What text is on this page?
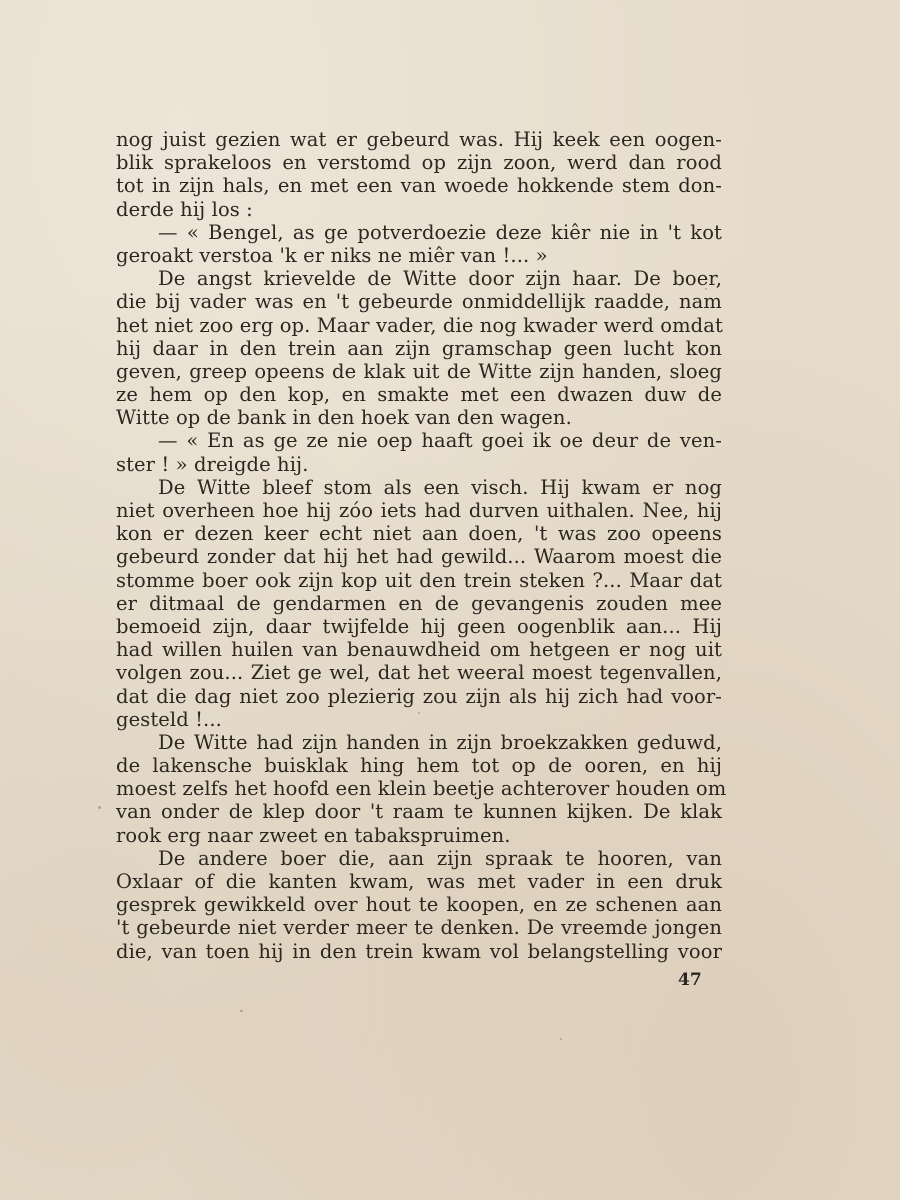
nog juist gezien wat er gebeurd was. Hij keek een oogen-
blik sprakeloos en verstomd op zijn zoon, werd dan rood
tot in zijn hals, en met een van woede hokkende stem don-
derde hij los :
— « Bengel, as ge potverdoezie deze kiêr nie in 't kot
geroakt verstoa 'k er niks ne miêr van !... »
De angst krievelde de Witte door zijn haar. De boer,
die bij vader was en 't gebeurde onmiddellijk raadde, nam
het niet zoo erg op. Maar vader, die nog kwader werd omdat
hij daar in den trein aan zijn gramschap geen lucht kon
geven, greep opeens de klak uit de Witte zijn handen, sloeg
ze hem op den kop, en smakte met een dwazen duw de
Witte op de bank in den hoek van den wagen.
— « En as ge ze nie oep haaft goei ik oe deur de ven-
ster ! » dreigde hij.
De Witte bleef stom als een visch. Hij kwam er nog
niet overheen hoe hij zóo iets had durven uithalen. Nee, hij
kon er dezen keer echt niet aan doen, 't was zoo opeens
gebeurd zonder dat hij het had gewild... Waarom moest die
stomme boer ook zijn kop uit den trein steken ?... Maar dat
er ditmaal de gendarmen en de gevangenis zouden mee
bemoeid zijn, daar twijfelde hij geen oogenblik aan... Hij
had willen huilen van benauwdheid om hetgeen er nog uit
volgen zou... Ziet ge wel, dat het weeral moest tegenvallen,
dat die dag niet zoo plezierig zou zijn als hij zich had voor-
gesteld !...
De Witte had zijn handen in zijn broekzakken geduwd,
de lakensche buisklak hing hem tot op de ooren, en hij
moest zelfs het hoofd een klein beetje achterover houden om
van onder de klep door 't raam te kunnen kijken. De klak
rook erg naar zweet en tabakspruimen.
De andere boer die, aan zijn spraak te hooren, van
Oxlaar of die kanten kwam, was met vader in een druk
gesprek gewikkeld over hout te koopen, en ze schenen aan
't gebeurde niet verder meer te denken. De vreemde jongen
die, van toen hij in den trein kwam vol belangstelling voor
47
